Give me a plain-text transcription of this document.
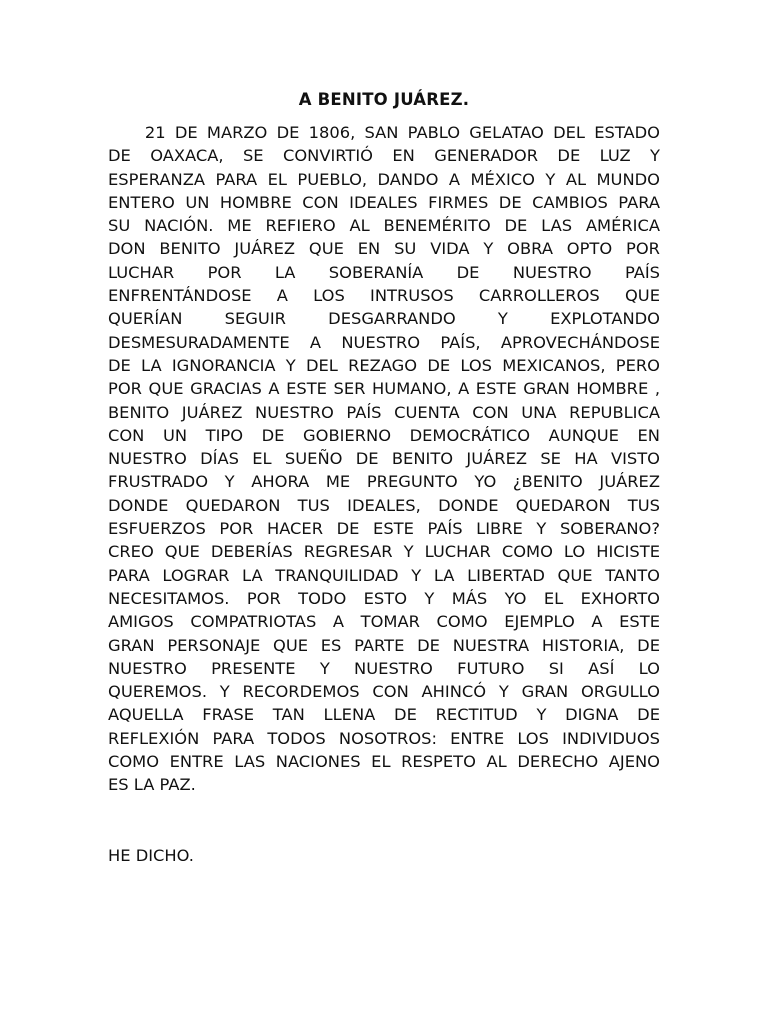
A BENITO JUÁREZ.
21 DE MARZO DE 1806, SAN PABLO GELATAO DEL ESTADO
DE OAXACA, SE CONVIRTIÓ EN GENERADOR DE LUZ Y
ESPERANZA PARA EL PUEBLO, DANDO A MÉXICO Y AL MUNDO
ENTERO UN HOMBRE CON IDEALES FIRMES DE CAMBIOS PARA
SU NACIÓN. ME REFIERO AL BENEMÉRITO DE LAS AMÉRICA
DON BENITO JUÁREZ QUE EN SU VIDA Y OBRA OPTO POR
LUCHAR POR LA SOBERANÍA DE NUESTRO PAÍS
ENFRENTÁNDOSE A LOS INTRUSOS CARROLLEROS QUE
QUERÍAN SEGUIR DESGARRANDO Y EXPLOTANDO
DESMESURADAMENTE A NUESTRO PAÍS, APROVECHÁNDOSE
DE LA IGNORANCIA Y DEL REZAGO DE LOS MEXICANOS, PERO
POR QUE GRACIAS A ESTE SER HUMANO, A ESTE GRAN HOMBRE ,
BENITO JUÁREZ NUESTRO PAÍS CUENTA CON UNA REPUBLICA
CON UN TIPO DE GOBIERNO DEMOCRÁTICO AUNQUE EN
NUESTRO DÍAS EL SUEÑO DE BENITO JUÁREZ SE HA VISTO
FRUSTRADO Y AHORA ME PREGUNTO YO ¿BENITO JUÁREZ
DONDE QUEDARON TUS IDEALES, DONDE QUEDARON TUS
ESFUERZOS POR HACER DE ESTE PAÍS LIBRE Y SOBERANO?
CREO QUE DEBERÍAS REGRESAR Y LUCHAR COMO LO HICISTE
PARA LOGRAR LA TRANQUILIDAD Y LA LIBERTAD QUE TANTO
NECESITAMOS. POR TODO ESTO Y MÁS YO EL EXHORTO
AMIGOS COMPATRIOTAS A TOMAR COMO EJEMPLO A ESTE
GRAN PERSONAJE QUE ES PARTE DE NUESTRA HISTORIA, DE
NUESTRO PRESENTE Y NUESTRO FUTURO SI ASÍ LO
QUEREMOS. Y RECORDEMOS CON AHINCÓ Y GRAN ORGULLO
AQUELLA FRASE TAN LLENA DE RECTITUD Y DIGNA DE
REFLEXIÓN PARA TODOS NOSOTROS: ENTRE LOS INDIVIDUOS
COMO ENTRE LAS NACIONES EL RESPETO AL DERECHO AJENO
ES LA PAZ.
HE DICHO.
